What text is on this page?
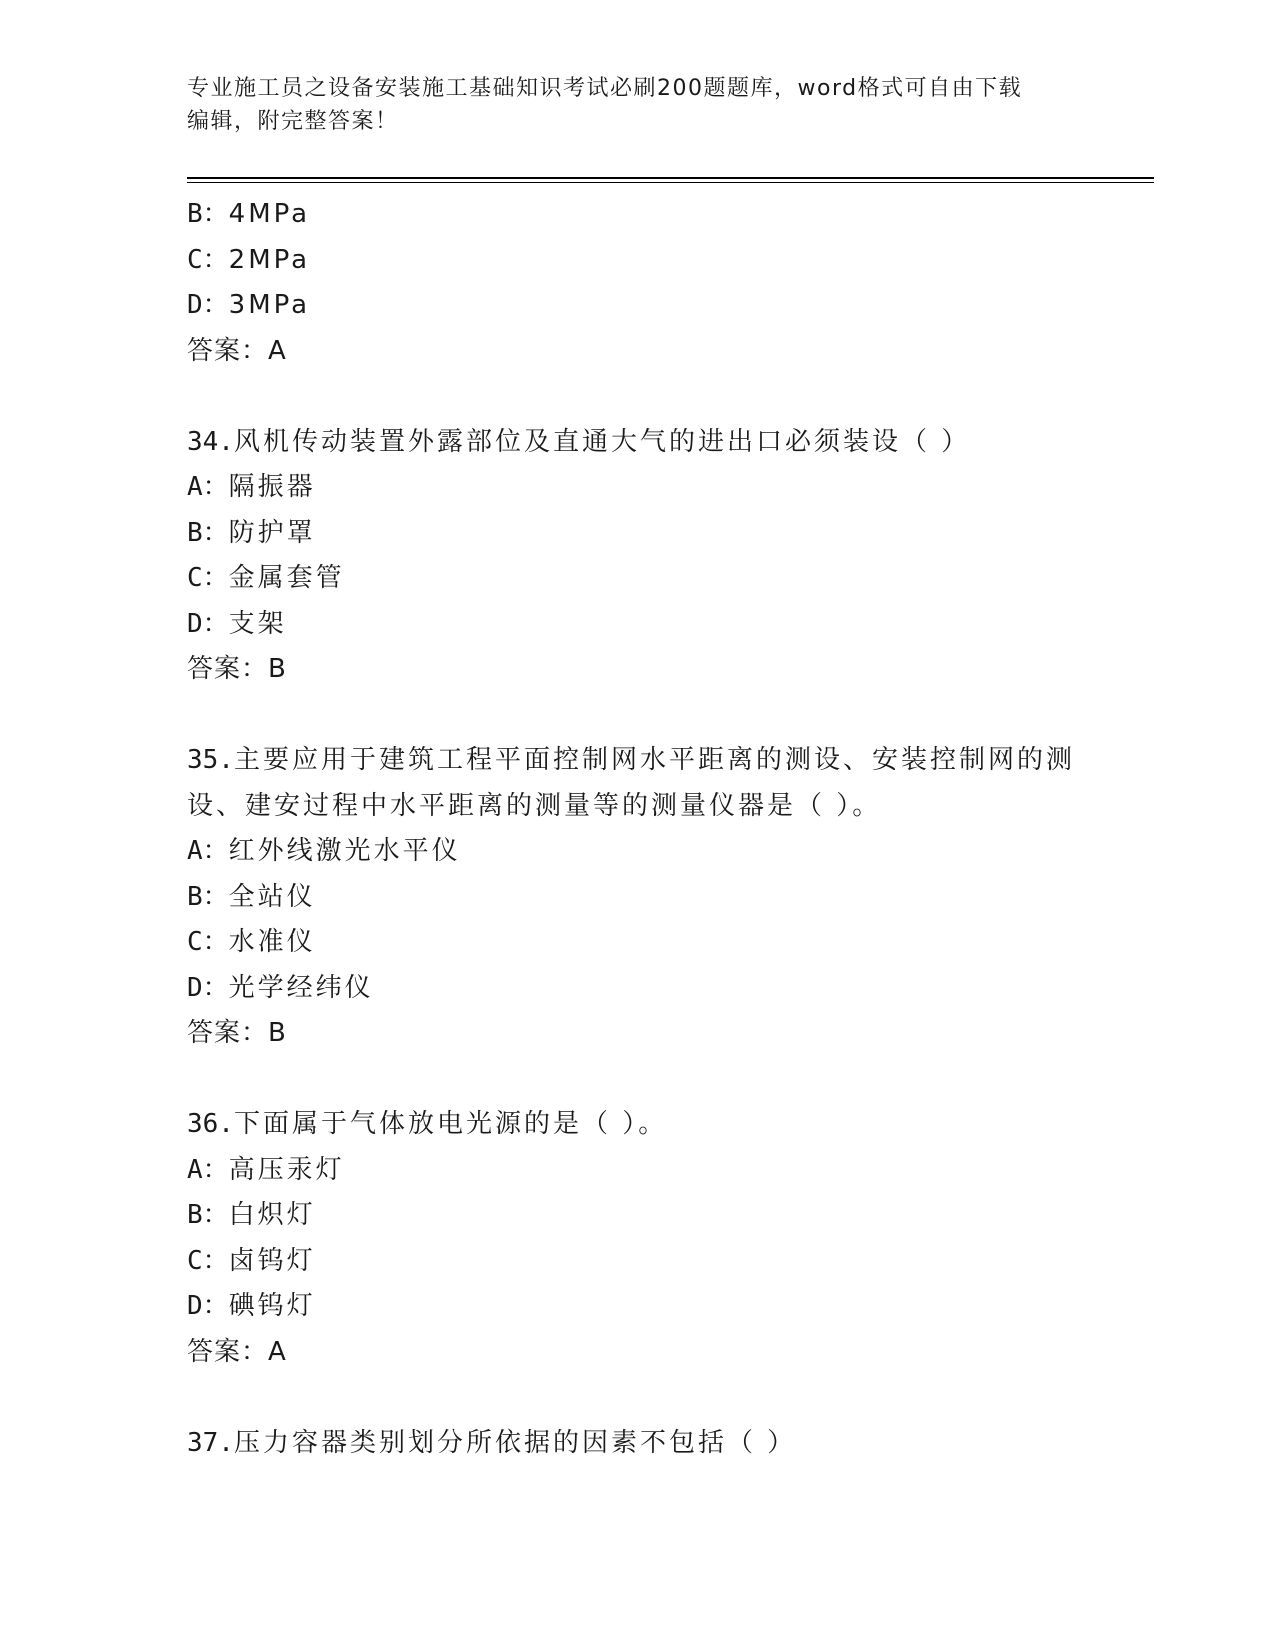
专业施工员之设备安装施工基础知识考试必刷200题题库，word格式可自由下载
编辑，附完整答案！
B：4MPa
C：2MPa
D：3MPa
答案：A
34.风机传动装置外露部位及直通大气的进出口必须装设（ ）
A：隔振器
B：防护罩
C：金属套管
D：支架
答案：B
35.主要应用于建筑工程平面控制网水平距离的测设、安装控制网的测
设、建安过程中水平距离的测量等的测量仪器是（ ）。
A：红外线激光水平仪
B：全站仪
C：水准仪
D：光学经纬仪
答案：B
36.下面属于气体放电光源的是（ ）。
A：高压汞灯
B：白炽灯
C：卤钨灯
D：碘钨灯
答案：A
37.压力容器类别划分所依据的因素不包括（ ）
